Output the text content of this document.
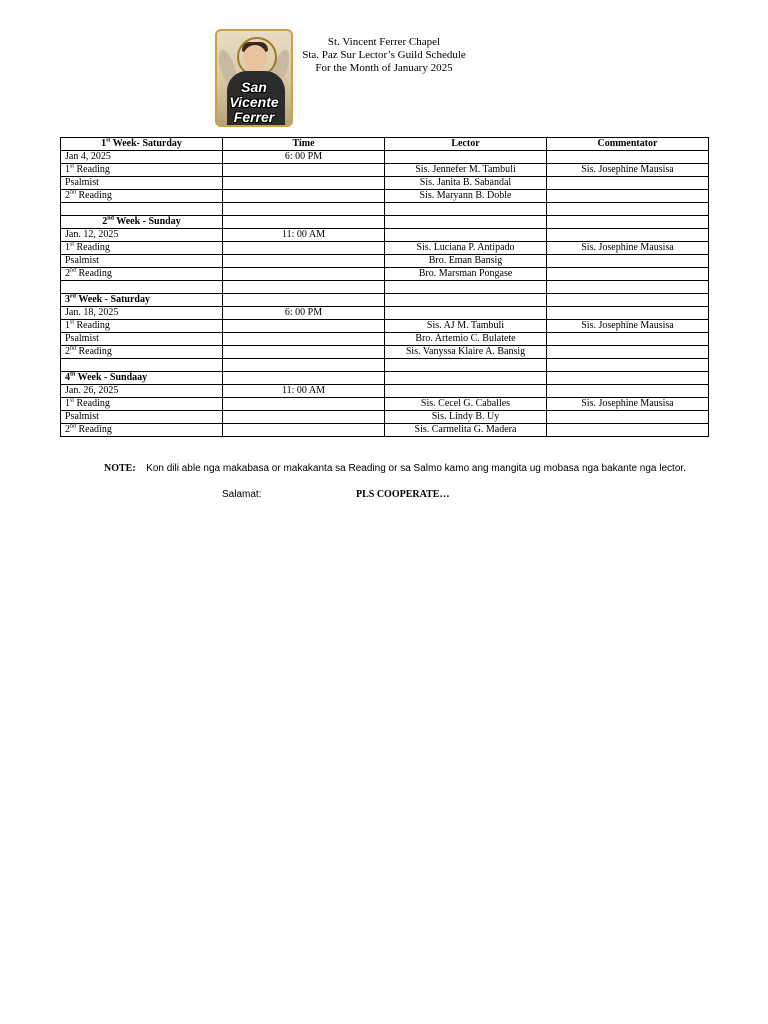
San
Vicente
Ferrer
St. Vincent Ferrer Chapel
Sta. Paz Sur Lector’s Guild Schedule
For the Month of January 2025
1st Week- Saturday	Time	Lector	Commentator
Jan 4, 2025	6: 00 PM		
1st Reading		Sis. Jennefer M. Tambuli	Sis. Josephine Mausisa
Psalmist		Sis. Janita B. Sabandal	
2nd Reading		Sis. Maryann B. Doble	

2nd Week - Sunday			
Jan. 12, 2025	11: 00 AM		
1st Reading		Sis. Luciana P. Antipado	Sis. Josephine Mausisa
Psalmist		Bro. Eman Bansig	
2nd Reading		Bro. Marsman Pongase	

3rd Week - Saturday			
Jan. 18, 2025	6: 00 PM		
1st Reading		Sis. AJ M. Tambuli	Sis. Josephine Mausisa
Psalmist		Bro. Artemio C. Bulatete	
2nd Reading		Sis. Vanyssa Klaire A. Bansig	

4th Week - Sundaay			
Jan. 26, 2025	11: 00 AM		
1st Reading		Sis. Cecel G. Caballes	Sis. Josephine Mausisa
Psalmist		Sis. Lindy B. Uy	
2nd Reading		Sis. Carmelita G. Madera	
NOTE: Kon dili able nga makabasa or makakanta sa Reading or sa Salmo kamo ang mangita ug mobasa nga bakante nga lector.
Salamat:	PLS COOPERATE…
